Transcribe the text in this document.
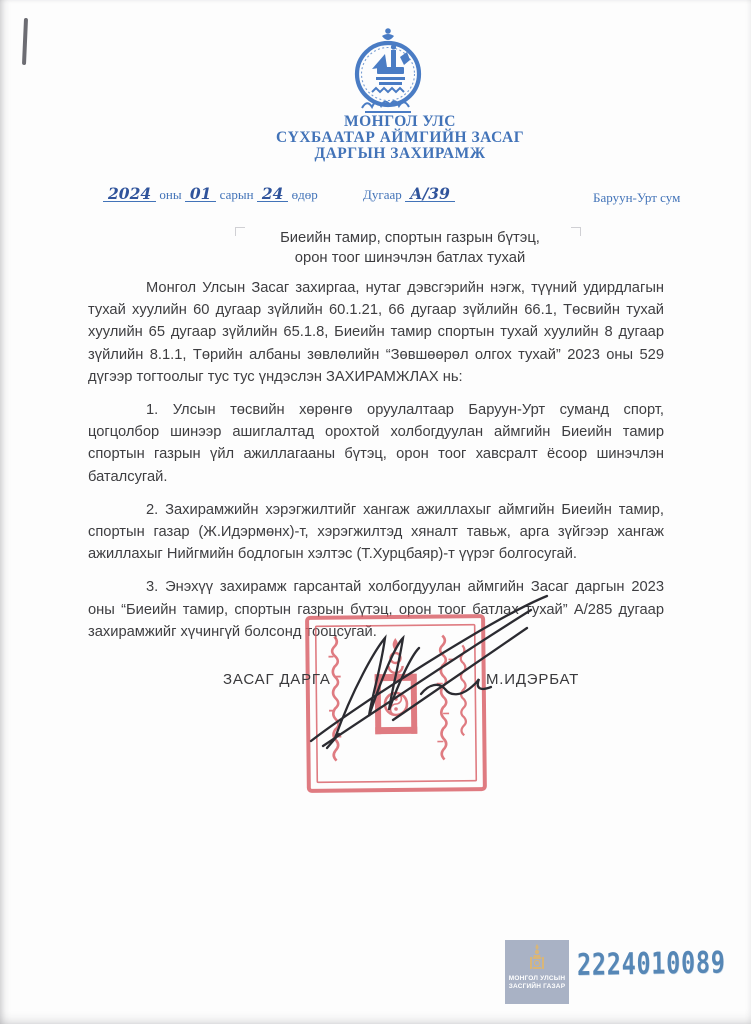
МОНГОЛ УЛС
СҮХБААТАР АЙМГИЙН ЗАСАГ
ДАРГЫН ЗАХИРАМЖ
2024 оны 01 сарын 24 өдөр	Дугаар А/39	Баруун-Урт сум
Биеийн тамир, спортын газрын бүтэц,
орон тоог шинэчлэн батлах тухай

Монгол Улсын Засаг захиргаа, нутаг дэвсгэрийн нэгж, түүний удирдлагын тухай хуулийн 60 дугаар зүйлийн 60.1.21, 66 дугаар зүйлийн 66.1, Төсвийн тухай хуулийн 65 дугаар зүйлийн 65.1.8, Биеийн тамир спортын тухай хуулийн 8 дугаар зүйлийн 8.1.1, Төрийн албаны зөвлөлийн “Зөвшөөрөл олгох тухай” 2023 оны 529 дүгээр тогтоолыг тус тус үндэслэн ЗАХИРАМЖЛАХ нь:

1. Улсын төсвийн хөрөнгө оруулалтаар Баруун-Урт суманд спорт, цогцолбор шинээр ашиглалтад орохтой холбогдуулан аймгийн Биеийн тамир спортын газрын үйл ажиллагааны бүтэц, орон тоог хавсралт ёсоор шинэчлэн баталсугай.

2. Захирамжийн хэрэгжилтийг хангаж ажиллахыг аймгийн Биеийн тамир, спортын газар (Ж.Идэрмөнх)-т, хэрэгжилтэд хяналт тавьж, арга зүйгээр хангаж ажиллахыг Нийгмийн бодлогын хэлтэс (Т.Хурцбаяр)-т үүрэг болгосугай.

3. Энэхүү захирамж гарсантай холбогдуулан аймгийн Засаг даргын 2023 оны “Биеийн тамир, спортын газрын бүтэц, орон тоог батлах тухай” А/285 дугаар захирамжийг хүчингүй болсонд тооцсугай.

ЗАСАГ ДАРГА	М.ИДЭРБАТ
МОНГОЛ УЛСЫН
ЗАСГИЙН ГАЗАР
2224010089
